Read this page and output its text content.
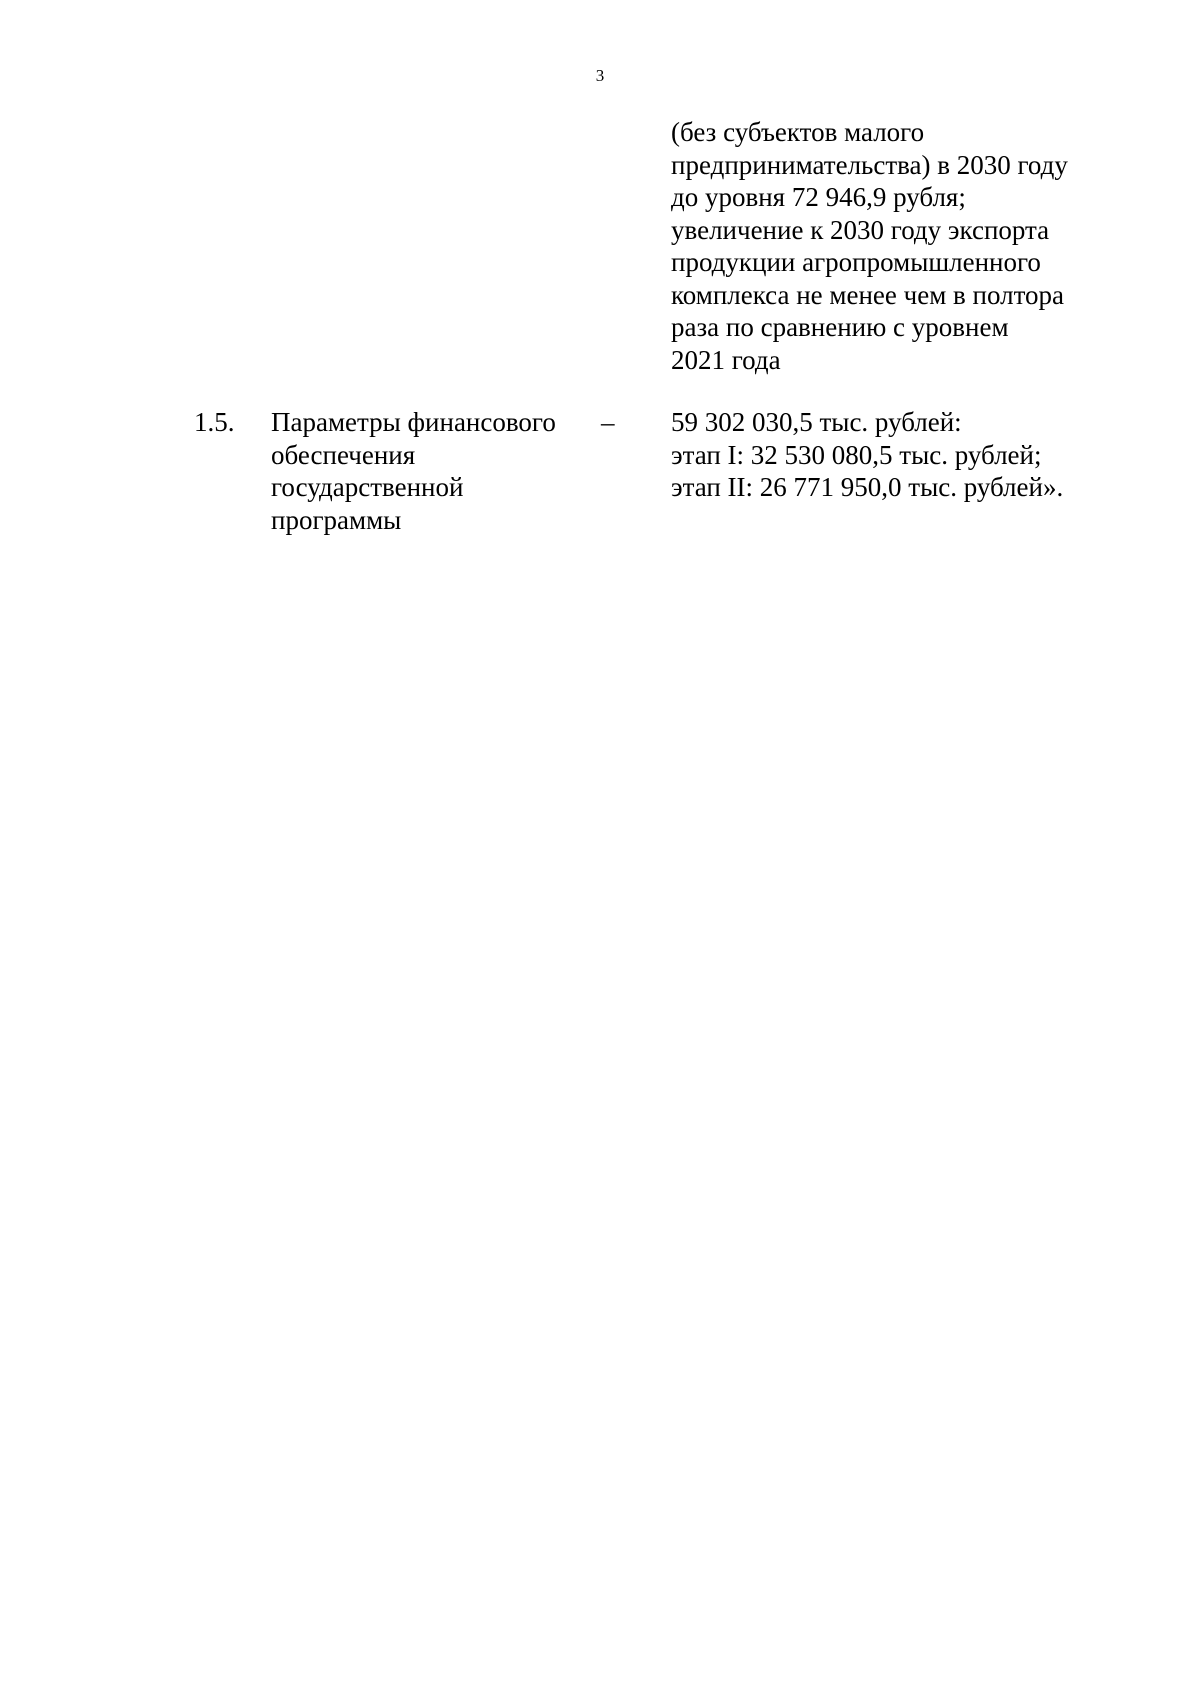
3
(без субъектов малого
предпринимательства) в 2030 году
до уровня 72 946,9 рубля;
увеличение к 2030 году экспорта
продукции агропромышленного
комплекса не менее чем в полтора
раза по сравнению с уровнем
2021 года
1.5. Параметры финансового
обеспечения
государственной
программы
– 59 302 030,5 тыс. рублей:
этап I: 32 530 080,5 тыс. рублей;
этап II: 26 771 950,0 тыс. рублей».
